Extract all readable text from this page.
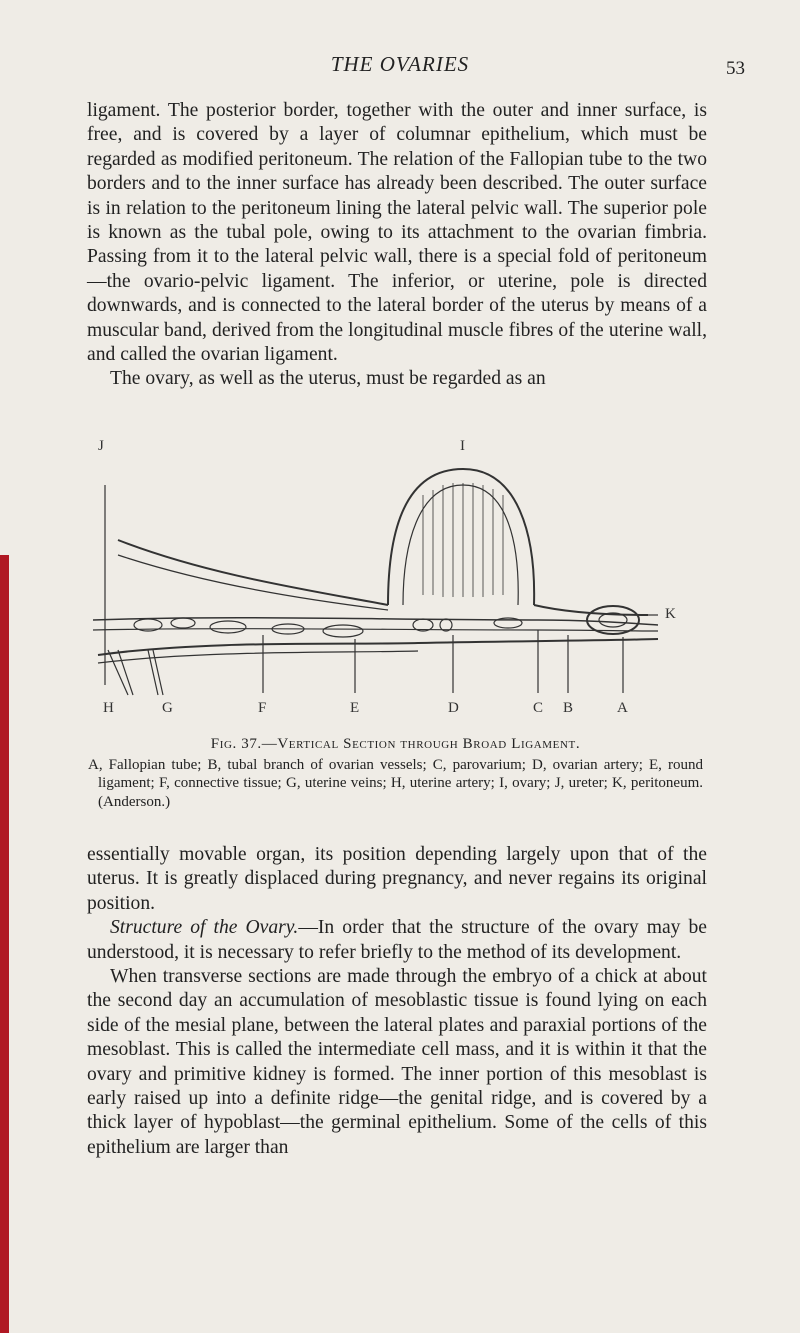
THE OVARIES	53

ligament. The posterior border, together with the outer and inner surface, is free, and is covered by a layer of columnar epithelium, which must be regarded as modified peritoneum. The relation of the Fallopian tube to the two borders and to the inner surface has already been described. The outer surface is in relation to the peritoneum lining the lateral pelvic wall. The superior pole is known as the tubal pole, owing to its attachment to the ovarian fimbria. Passing from it to the lateral pelvic wall, there is a special fold of peritoneum—the ovario-pelvic ligament. The inferior, or uterine, pole is directed downwards, and is connected to the lateral border of the uterus by means of a muscular band, derived from the longitudinal muscle fibres of the uterine wall, and called the ovarian ligament.

The ovary, as well as the uterus, must be regarded as an

J	I
K
H	G	F	E	D	C B	A
Fig. 37.—Vertical Section through Broad Ligament.
A, Fallopian tube; B, tubal branch of ovarian vessels; C, parovarium; D, ovarian artery; E, round ligament; F, connective tissue; G, uterine veins; H, uterine artery; I, ovary; J, ureter; K, peritoneum. (Anderson.)

essentially movable organ, its position depending largely upon that of the uterus. It is greatly displaced during pregnancy, and never regains its original position.

Structure of the Ovary.—In order that the structure of the ovary may be understood, it is necessary to refer briefly to the method of its development.

When transverse sections are made through the embryo of a chick at about the second day an accumulation of mesoblastic tissue is found lying on each side of the mesial plane, between the lateral plates and paraxial portions of the mesoblast. This is called the intermediate cell mass, and it is within it that the ovary and primitive kidney is formed. The inner portion of this mesoblast is early raised up into a definite ridge—the genital ridge, and is covered by a thick layer of hypoblast—the germinal epithelium. Some of the cells of this epithelium are larger than
